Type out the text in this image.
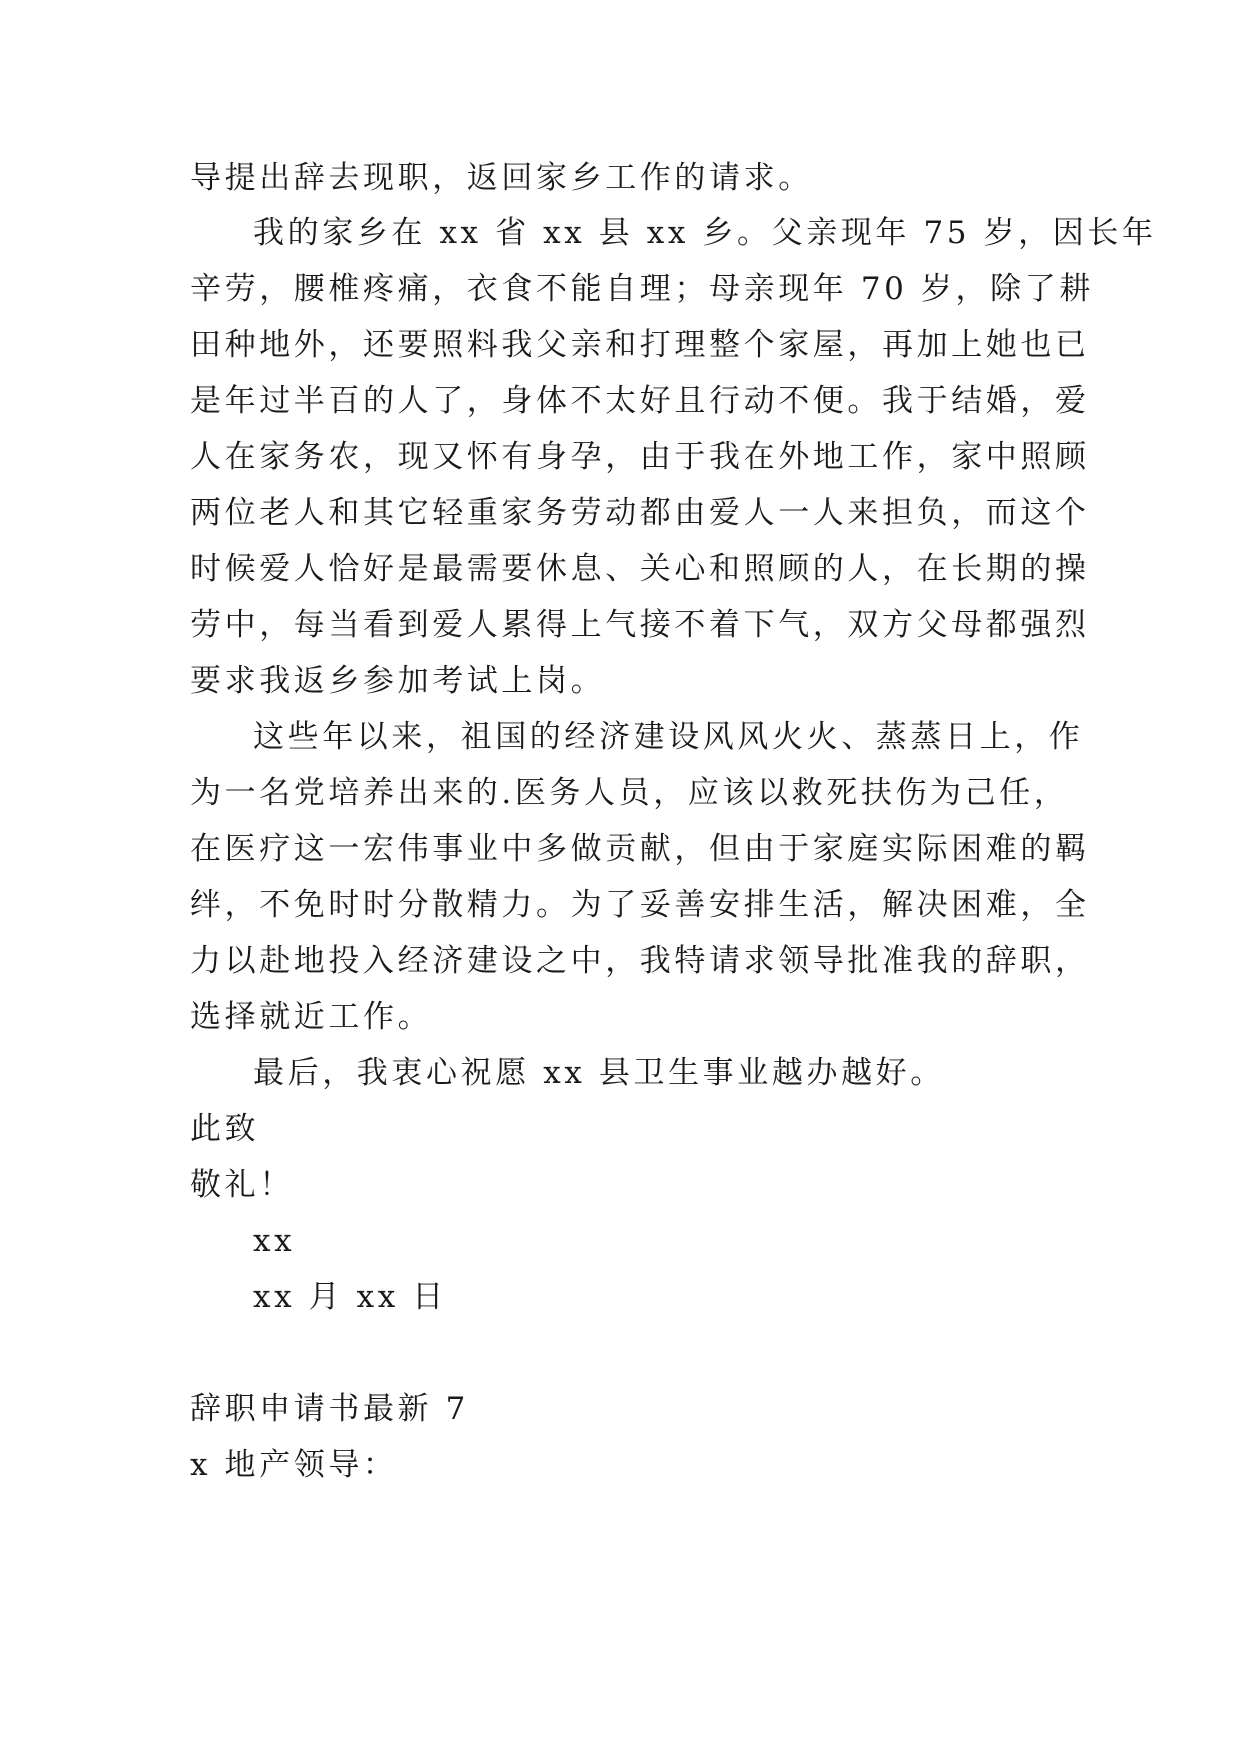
导提出辞去现职，返回家乡工作的请求。
我的家乡在 xx 省 xx 县 xx 乡。父亲现年 75 岁，因长年
辛劳，腰椎疼痛，衣食不能自理；母亲现年 70 岁，除了耕
田种地外，还要照料我父亲和打理整个家屋，再加上她也已
是年过半百的人了，身体不太好且行动不便。我于结婚，爱
人在家务农，现又怀有身孕，由于我在外地工作，家中照顾
两位老人和其它轻重家务劳动都由爱人一人来担负，而这个
时候爱人恰好是最需要休息、关心和照顾的人，在长期的操
劳中，每当看到爱人累得上气接不着下气，双方父母都强烈
要求我返乡参加考试上岗。
这些年以来，祖国的经济建设风风火火、蒸蒸日上，作
为一名党培养出来的.医务人员，应该以救死扶伤为己任，
在医疗这一宏伟事业中多做贡献，但由于家庭实际困难的羁
绊，不免时时分散精力。为了妥善安排生活，解决困难，全
力以赴地投入经济建设之中，我特请求领导批准我的辞职，
选择就近工作。
最后，我衷心祝愿 xx 县卫生事业越办越好。
此致
敬礼！
xx
xx 月 xx 日
辞职申请书最新 7
x 地产领导：
